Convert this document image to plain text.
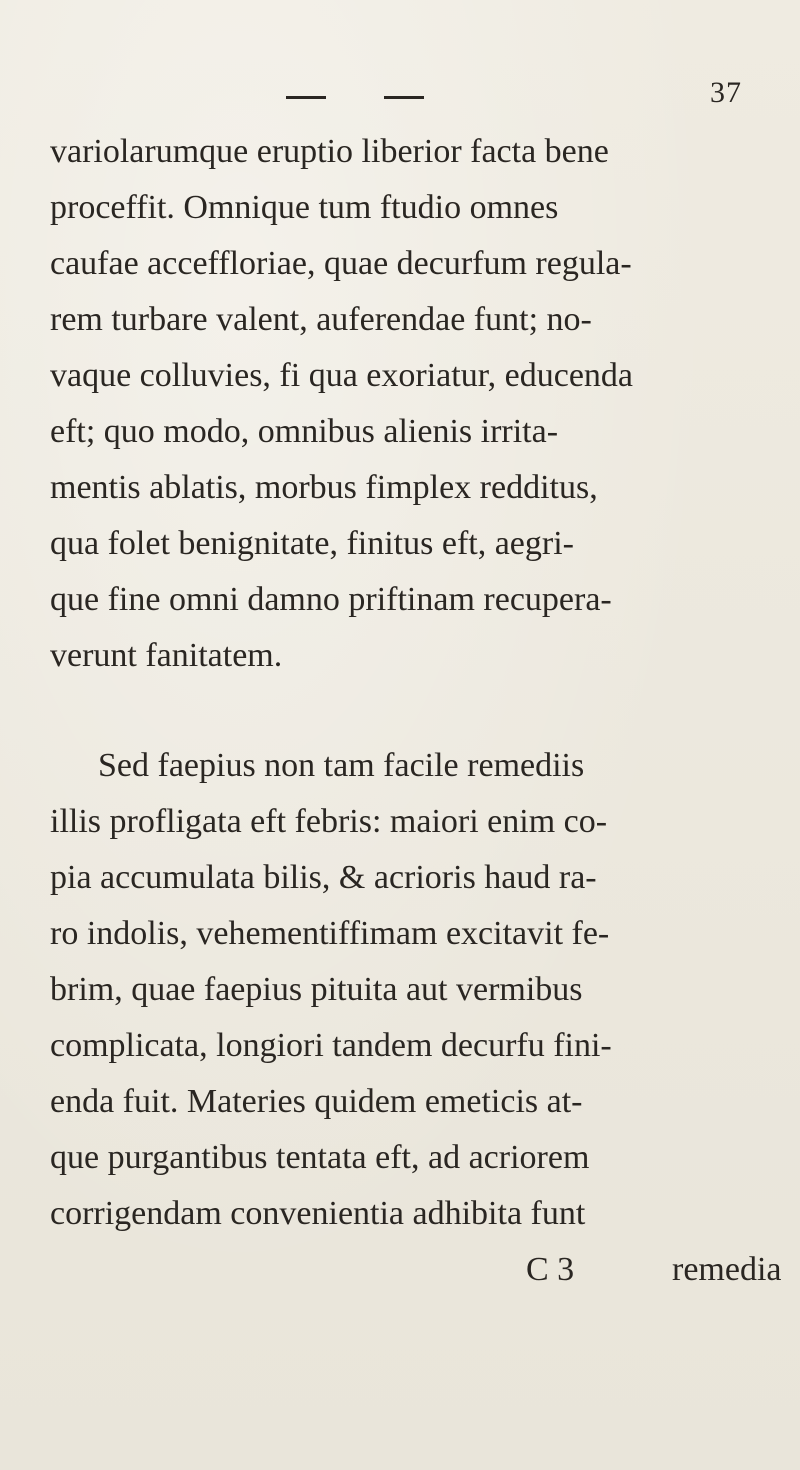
37
variolarumque eruptio liberior facta bene
proceffit. Omnique tum ftudio omnes
caufae acceffloriae, quae decurfum regula-
rem turbare valent, auferendae funt; no-
vaque colluvies, fi qua exoriatur, educenda
eft; quo modo, omnibus alienis irrita-
mentis ablatis, morbus fimplex redditus,
qua folet benignitate, finitus eft, aegri-
que fine omni damno priftinam recupera-
verunt fanitatem.
Sed faepius non tam facile remediis
illis profligata eft febris: maiori enim co-
pia accumulata bilis, & acrioris haud ra-
ro indolis, vehementiffimam excitavit fe-
brim, quae faepius pituita aut vermibus
complicata, longiori tandem decurfu fini-
enda fuit. Materies quidem emeticis at-
que purgantibus tentata eft, ad acriorem
corrigendam convenientia adhibita funt
C 3	remedia
